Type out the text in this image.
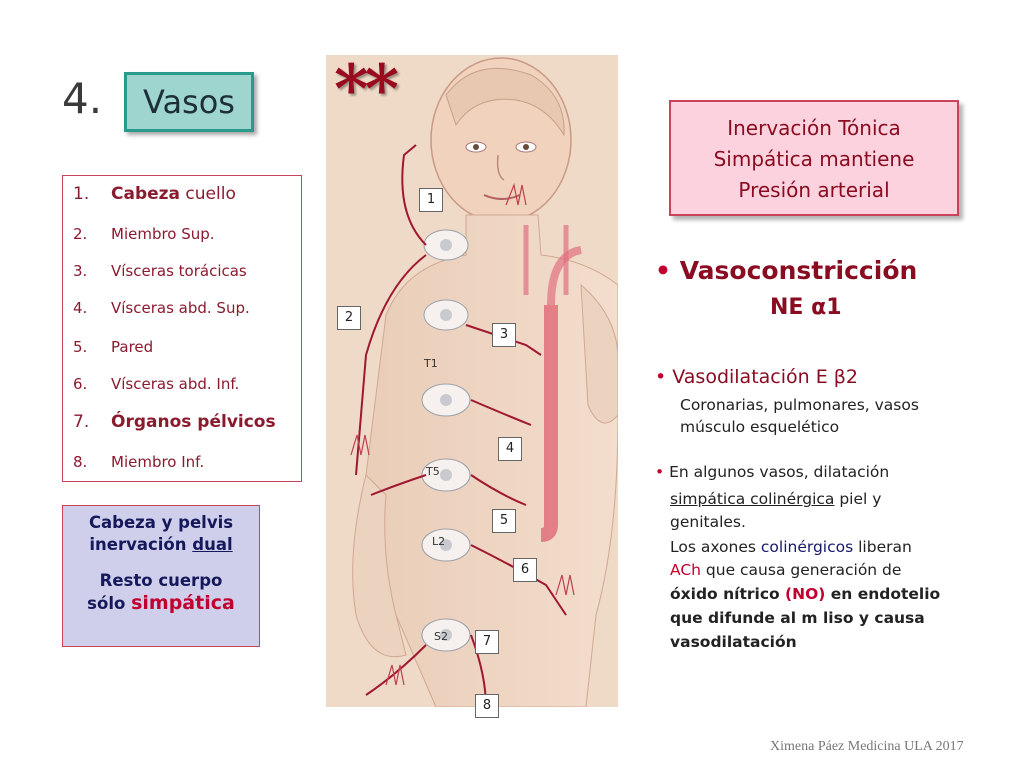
4.	Vasos
1. Cabeza cuello
2. Miembro Sup.
3. Vísceras torácicas
4. Vísceras abd. Sup.
5. Pared
6. Vísceras abd. Inf.
7. Órganos pélvicos
8. Miembro Inf.
Cabeza y pelvis
inervación dual
Resto cuerpo
sólo simpática
T1
T5
L2
S2
**
1
2
3
4
5
6
7
8
Inervación Tónica
Simpática mantiene
Presión arterial
• Vasoconstricción
NE α1
• Vasodilatación E β2
Coronarias, pulmonares, vasos
músculo esquelético
• En algunos vasos, dilatación
simpática colinérgica piel y
genitales.
Los axones colinérgicos liberan
ACh que causa generación de
óxido nítrico (NO) en endotelio
que difunde al m liso y causa
vasodilatación
Ximena Páez Medicina ULA 2017
